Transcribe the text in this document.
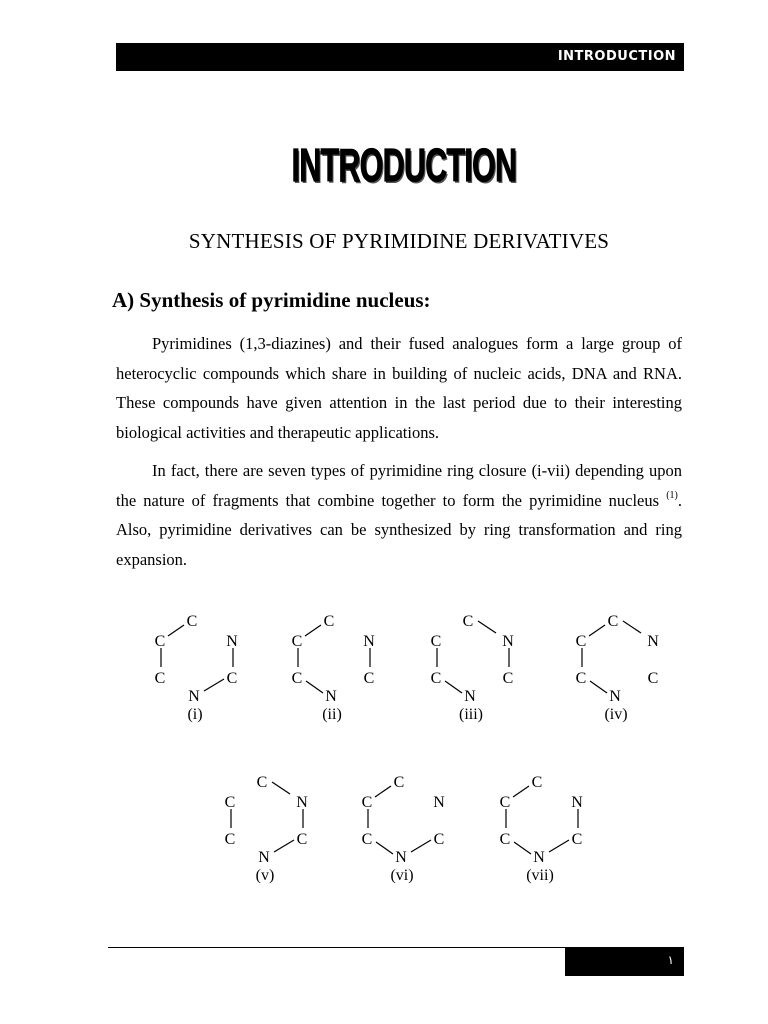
INTRODUCTION
INTRODUCTION
SYNTHESIS OF PYRIMIDINE DERIVATIVES
A) Synthesis of pyrimidine nucleus:
Pyrimidines (1,3-diazines) and their fused analogues form a large group of heterocyclic compounds which share in building of nucleic acids, DNA and RNA. These compounds have given attention in the last period due to their interesting biological activities and therapeutic applications.
In fact, there are seven types of pyrimidine ring closure (i-vii) depending upon the nature of fragments that combine together to form the pyrimidine nucleus $^{(1)}$. Also, pyrimidine derivatives can be synthesized by ring transformation and ring expansion.
C
C	N
C
N
C
(i)
C
C	N
C
N
C
(ii)
C
C	N
C
N
C
(iii)
C
C	N
C
N
C
(iv)
C
C	N
C
N
C
(v)
C
C	N
C
N
C
(vi)
C
C	N
C
N
C
(vii)
١
